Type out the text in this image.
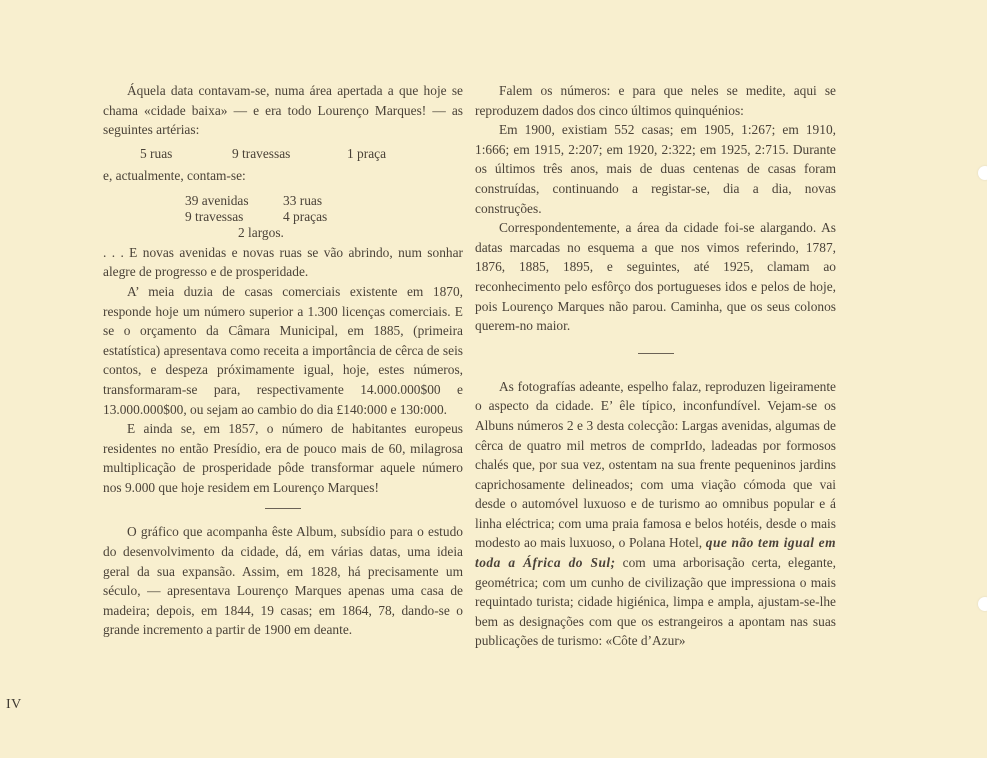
Áquela data contavam-se, numa área apertada a que hoje se chama «cidade baixa» — e era todo Lourenço Marques! — as seguintes artérias:

5 ruas	9 travessas	1 praça

e, actualmente, contam-se:

39 avenidas	33 ruas
9 travessas	4 praças
2 largos.

. . . E novas avenidas e novas ruas se vão abrindo, num sonhar alegre de progresso e de prosperidade.

A’ meia duzia de casas comerciais existente em 1870, responde hoje um número superior a 1.300 licenças comerciais. E se o orçamento da Câmara Municipal, em 1885, (primeira estatística) apresentava como receita a importância de cêrca de seis contos, e despeza próximamente igual, hoje, estes números, transformaram-se para, respectivamente 14.000.000$00 e 13.000.000$00, ou sejam ao cambio do dia £140:000 e 130:000.

E ainda se, em 1857, o número de habitantes europeus residentes no então Presídio, era de pouco mais de 60, milagrosa multiplicação de prosperidade pôde transformar aquele número nos 9.000 que hoje residem em Lourenço Marques!

O gráfico que acompanha êste Album, subsídio para o estudo do desenvolvimento da cidade, dá, em várias datas, uma ideia geral da sua expansão. Assim, em 1828, há precisamente um século, — apresentava Lourenço Marques apenas uma casa de madeira; depois, em 1844, 19 casas; em 1864, 78, dando-se o grande incremento a partir de 1900 em deante.

Falem os números: e para que neles se medite, aqui se reproduzem dados dos cinco últimos quinquénios:

Em 1900, existiam 552 casas; em 1905, 1:267; em 1910, 1:666; em 1915, 2:207; em 1920, 2:322; em 1925, 2:715. Durante os últimos três anos, mais de duas centenas de casas foram construídas, continuando a registar-se, dia a dia, novas construções.

Correspondentemente, a área da cidade foi-se alargando. As datas marcadas no esquema a que nos vimos referindo, 1787, 1876, 1885, 1895, e seguintes, até 1925, clamam ao reconhecimento pelo esfôrço dos portugueses idos e pelos de hoje, pois Lourenço Marques não parou. Caminha, que os seus colonos querem-no maior.

As fotografías adeante, espelho falaz, reproduzen ligeiramente o aspecto da cidade. E’ êle típico, inconfundível. Vejam-se os Albuns números 2 e 3 desta colecção: Largas avenidas, algumas de cêrca de quatro mil metros de comprIdo, ladeadas por formosos chalés que, por sua vez, ostentam na sua frente pequeninos jardins caprichosamente delineados; com uma viação cómoda que vai desde o automóvel luxuoso e de turismo ao omnibus popular e á linha eléctrica; com uma praia famosa e belos hotéis, desde o mais modesto ao mais luxuoso, o Polana Hotel, que não tem igual em toda a África do Sul; com uma arborisação certa, elegante, geométrica; com um cunho de civilização que impressiona o mais requintado turista; cidade higiénica, limpa e ampla, ajustam-se-lhe bem as designações com que os estrangeiros a apontam nas suas publicações de turismo: «Côte d’Azur»

IV
